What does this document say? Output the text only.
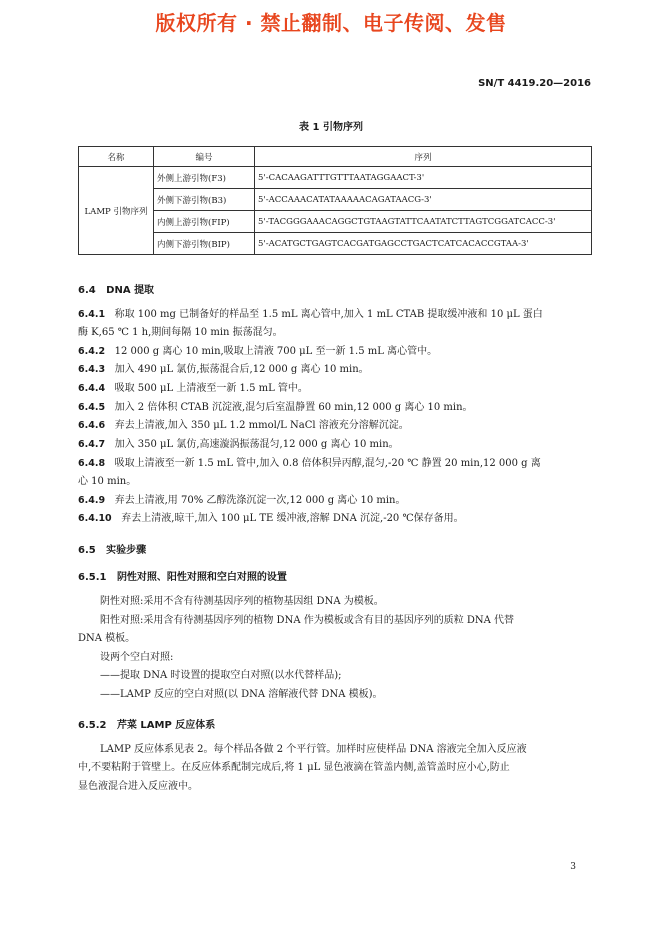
版权所有 · 禁止翻制、电子传阅、发售
SN/T 4419.20—2016
表 1 引物序列
名称	编号	序列
LAMP 引物序列	外侧上游引物(F3)	5'-CACAAGATTTGTTTAATAGGAACT-3'
	外侧下游引物(B3)	5'-ACCAAACATATAAAAACAGATAACG-3'
	内侧上游引物(FIP)	5'-TACGGGAAACAGGCTGTAAGTATTCAATATCTTAGTCGGATCACC-3'
	内侧下游引物(BIP)	5'-ACATGCTGAGTCACGATGAGCCTGACTCATCACACCGTAA-3'
6.4 DNA 提取
6.4.1 称取 100 mg 已制备好的样品至 1.5 mL 离心管中,加入 1 mL CTAB 提取缓冲液和 10 μL 蛋白
酶 K,65 ℃ 1 h,期间每隔 10 min 振荡混匀。
6.4.2 12 000 g 离心 10 min,吸取上清液 700 μL 至一新 1.5 mL 离心管中。
6.4.3 加入 490 μL 氯仿,振荡混合后,12 000 g 离心 10 min。
6.4.4 吸取 500 μL 上清液至一新 1.5 mL 管中。
6.4.5 加入 2 倍体积 CTAB 沉淀液,混匀后室温静置 60 min,12 000 g 离心 10 min。
6.4.6 弃去上清液,加入 350 μL 1.2 mmol/L NaCl 溶液充分溶解沉淀。
6.4.7 加入 350 μL 氯仿,高速漩涡振荡混匀,12 000 g 离心 10 min。
6.4.8 吸取上清液至一新 1.5 mL 管中,加入 0.8 倍体积异丙醇,混匀,-20 ℃ 静置 20 min,12 000 g 离
心 10 min。
6.4.9 弃去上清液,用 70% 乙醇洗涤沉淀一次,12 000 g 离心 10 min。
6.4.10 弃去上清液,晾干,加入 100 μL TE 缓冲液,溶解 DNA 沉淀,-20 ℃保存备用。
6.5 实验步骤
6.5.1 阴性对照、阳性对照和空白对照的设置
阴性对照:采用不含有待测基因序列的植物基因组 DNA 为模板。
阳性对照:采用含有待测基因序列的植物 DNA 作为模板或含有目的基因序列的质粒 DNA 代替
DNA 模板。
设两个空白对照:
——提取 DNA 时设置的提取空白对照(以水代替样品);
——LAMP 反应的空白对照(以 DNA 溶解液代替 DNA 模板)。
6.5.2 芹菜 LAMP 反应体系
LAMP 反应体系见表 2。每个样品各做 2 个平行管。加样时应使样品 DNA 溶液完全加入反应液
中,不要粘附于管壁上。在反应体系配制完成后,将 1 μL 显色液滴在管盖内侧,盖管盖时应小心,防止
显色液混合进入反应液中。
3
